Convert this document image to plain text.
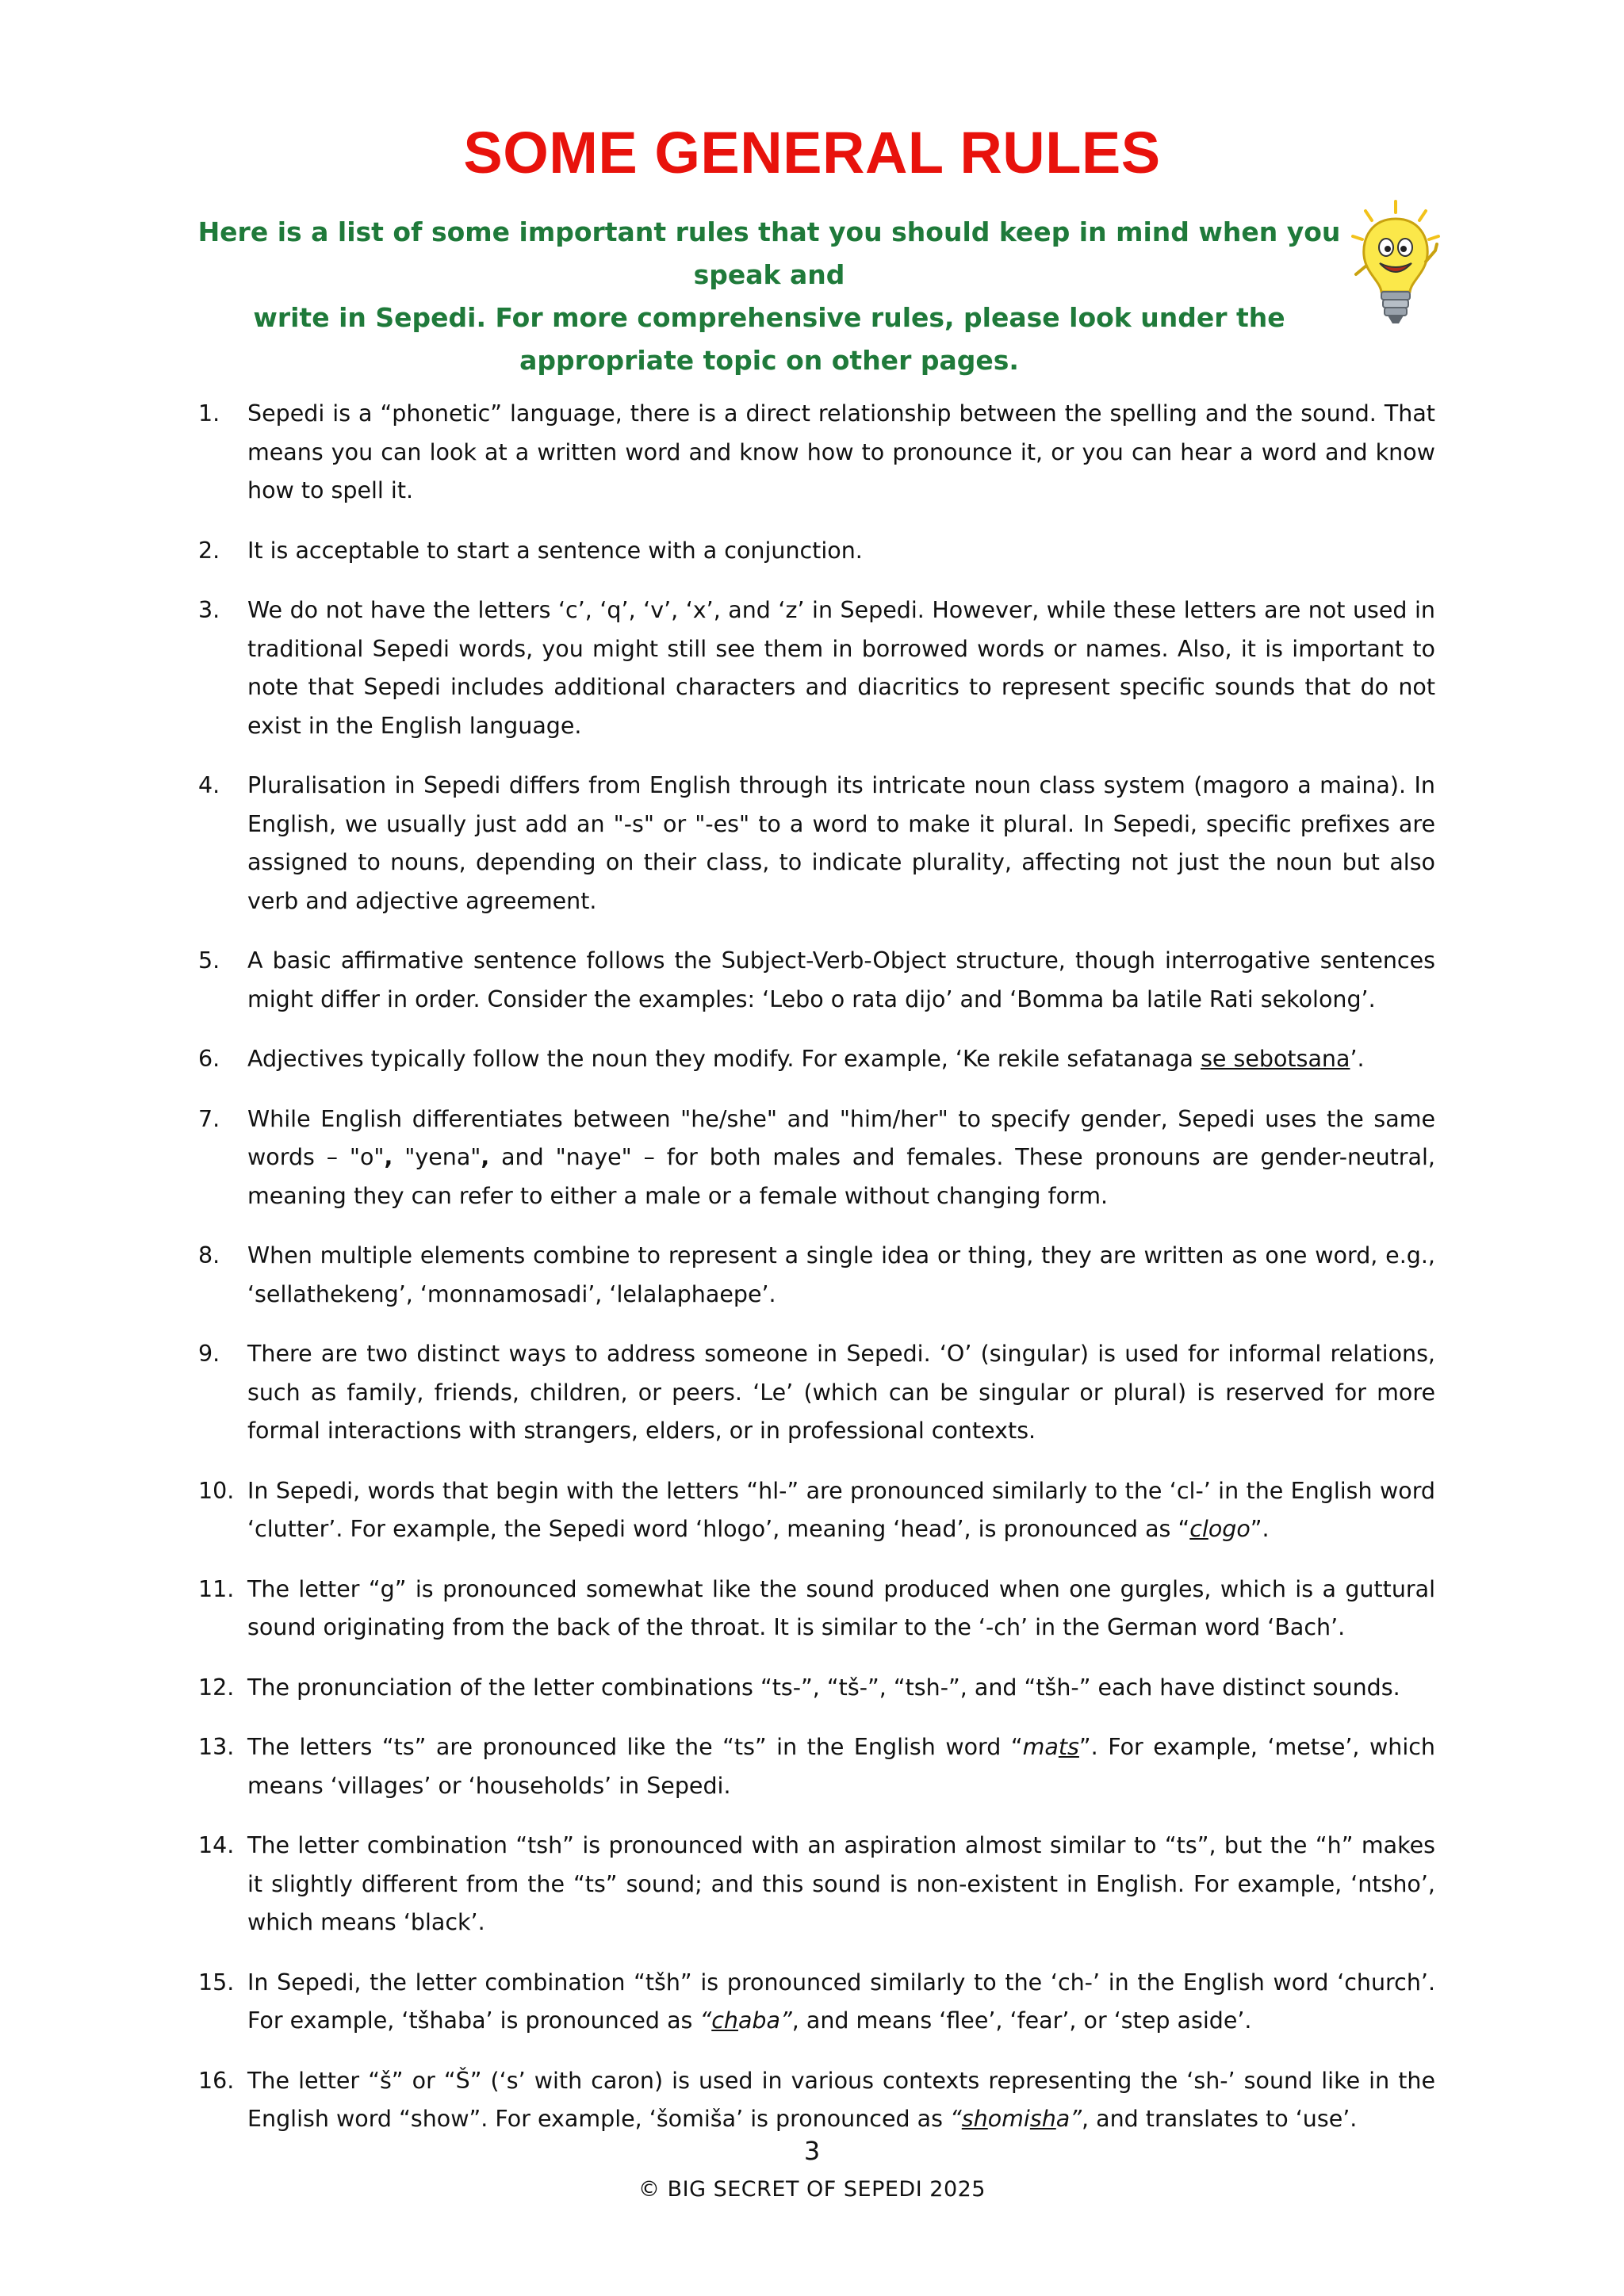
SOME GENERAL RULES

Here is a list of some important rules that you should keep in mind when you speak and
write in Sepedi. For more comprehensive rules, please look under the
appropriate topic on other pages.

1. Sepedi is a “phonetic” language, there is a direct relationship between the spelling and the sound. That means you can look at a written word and know how to pronounce it, or you can hear a word and know how to spell it.
2. It is acceptable to start a sentence with a conjunction.
3. We do not have the letters ‘c’, ‘q’, ‘v’, ‘x’, and ‘z’ in Sepedi. However, while these letters are not used in traditional Sepedi words, you might still see them in borrowed words or names. Also, it is important to note that Sepedi includes additional characters and diacritics to represent specific sounds that do not exist in the English language.
4. Pluralisation in Sepedi differs from English through its intricate noun class system (magoro a maina). In English, we usually just add an "-s" or "-es" to a word to make it plural. In Sepedi, specific prefixes are assigned to nouns, depending on their class, to indicate plurality, affecting not just the noun but also verb and adjective agreement.
5. A basic affirmative sentence follows the Subject-Verb-Object structure, though interrogative sentences might differ in order. Consider the examples: ‘Lebo o rata dijo’ and ‘Bomma ba latile Rati sekolong’.
6. Adjectives typically follow the noun they modify. For example, ‘Ke rekile sefatanaga se sebotsana’.
7. While English differentiates between "he/she" and "him/her" to specify gender, Sepedi uses the same words – "o", "yena", and "naye" – for both males and females. These pronouns are gender-neutral, meaning they can refer to either a male or a female without changing form.
8. When multiple elements combine to represent a single idea or thing, they are written as one word, e.g., ‘sellathekeng’, ‘monnamosadi’, ‘lelalaphaepe’.
9. There are two distinct ways to address someone in Sepedi. ‘O’ (singular) is used for informal relations, such as family, friends, children, or peers. ‘Le’ (which can be singular or plural) is reserved for more formal interactions with strangers, elders, or in professional contexts.
10. In Sepedi, words that begin with the letters “hl-” are pronounced similarly to the ‘cl-’ in the English word ‘clutter’. For example, the Sepedi word ‘hlogo’, meaning ‘head’, is pronounced as “clogo”.
11. The letter “g” is pronounced somewhat like the sound produced when one gurgles, which is a guttural sound originating from the back of the throat. It is similar to the ‘-ch’ in the German word ‘Bach’.
12. The pronunciation of the letter combinations “ts-”, “tš-”, “tsh-”, and “tšh-” each have distinct sounds.
13. The letters “ts” are pronounced like the “ts” in the English word “mats”. For example, ‘metse’, which means ‘villages’ or ‘households’ in Sepedi.
14. The letter combination “tsh” is pronounced with an aspiration almost similar to “ts”, but the “h” makes it slightly different from the “ts” sound; and this sound is non-existent in English. For example, ‘ntsho’, which means ‘black’.
15. In Sepedi, the letter combination “tšh” is pronounced similarly to the ‘ch-’ in the English word ‘church’. For example, ‘tšhaba’ is pronounced as “chaba”, and means ‘flee’, ‘fear’, or ‘step aside’.
16. The letter “š” or “Š” (‘s’ with caron) is used in various contexts representing the ‘sh-’ sound like in the English word “show”. For example, ‘šomiša’ is pronounced as “shomisha”, and translates to ‘use’.
3
© BIG SECRET OF SEPEDI 2025
